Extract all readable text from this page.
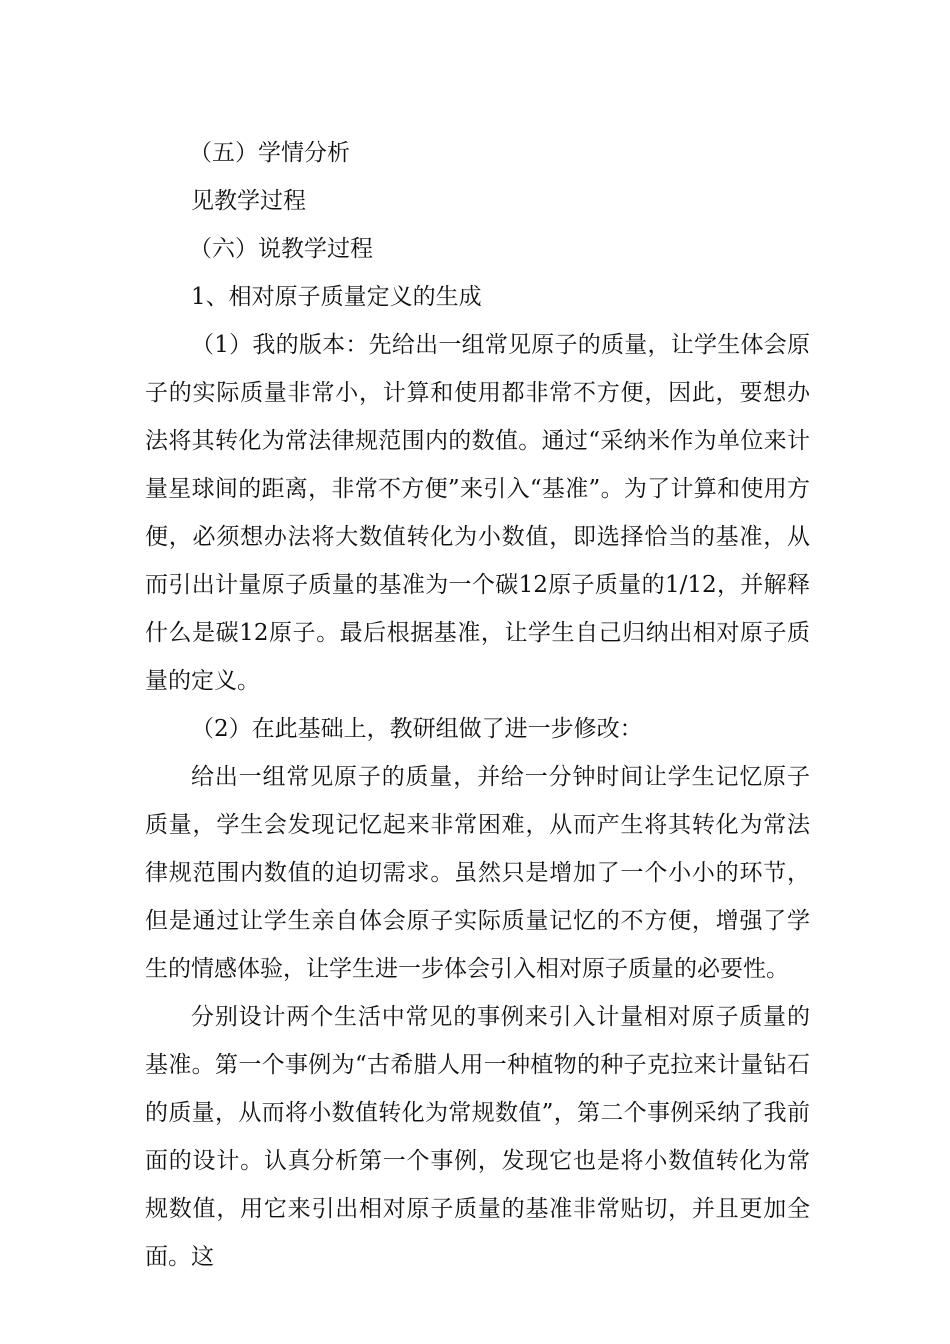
（五）学情分析

见教学过程

（六）说教学过程

1、相对原子质量定义的生成

（1）我的版本：先给出一组常见原子的质量，让学生体会原子的实际质量非常小，计算和使用都非常不方便，因此，要想办法将其转化为常法律规范围内的数值。通过“采纳米作为单位来计量星球间的距离，非常不方便”来引入“基准”。为了计算和使用方便，必须想办法将大数值转化为小数值，即选择恰当的基准，从而引出计量原子质量的基准为一个碳12原子质量的1/12，并解释什么是碳12原子。最后根据基准，让学生自己归纳出相对原子质量的定义。

（2）在此基础上，教研组做了进一步修改：

给出一组常见原子的质量，并给一分钟时间让学生记忆原子质量，学生会发现记忆起来非常困难，从而产生将其转化为常法律规范围内数值的迫切需求。虽然只是增加了一个小小的环节，但是通过让学生亲自体会原子实际质量记忆的不方便，增强了学生的情感体验，让学生进一步体会引入相对原子质量的必要性。

分别设计两个生活中常见的事例来引入计量相对原子质量的基准。第一个事例为“古希腊人用一种植物的种子克拉来计量钻石的质量，从而将小数值转化为常规数值”，第二个事例采纳了我前面的设计。认真分析第一个事例，发现它也是将小数值转化为常规数值，用它来引出相对原子质量的基准非常贴切，并且更加全面。这
